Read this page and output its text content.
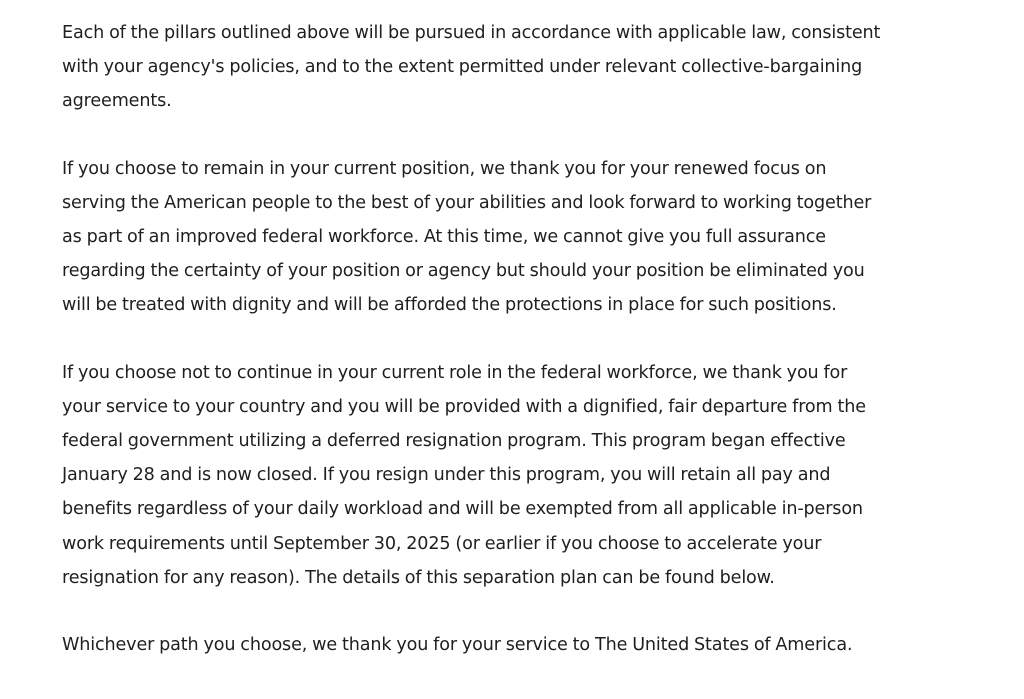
Each of the pillars outlined above will be pursued in accordance with applicable law, consistent
with your agency's policies, and to the extent permitted under relevant collective-bargaining
agreements.

If you choose to remain in your current position, we thank you for your renewed focus on
serving the American people to the best of your abilities and look forward to working together
as part of an improved federal workforce. At this time, we cannot give you full assurance
regarding the certainty of your position or agency but should your position be eliminated you
will be treated with dignity and will be afforded the protections in place for such positions.

If you choose not to continue in your current role in the federal workforce, we thank you for
your service to your country and you will be provided with a dignified, fair departure from the
federal government utilizing a deferred resignation program. This program began effective
January 28 and is now closed. If you resign under this program, you will retain all pay and
benefits regardless of your daily workload and will be exempted from all applicable in-person
work requirements until September 30, 2025 (or earlier if you choose to accelerate your
resignation for any reason). The details of this separation plan can be found below.

Whichever path you choose, we thank you for your service to The United States of America.
